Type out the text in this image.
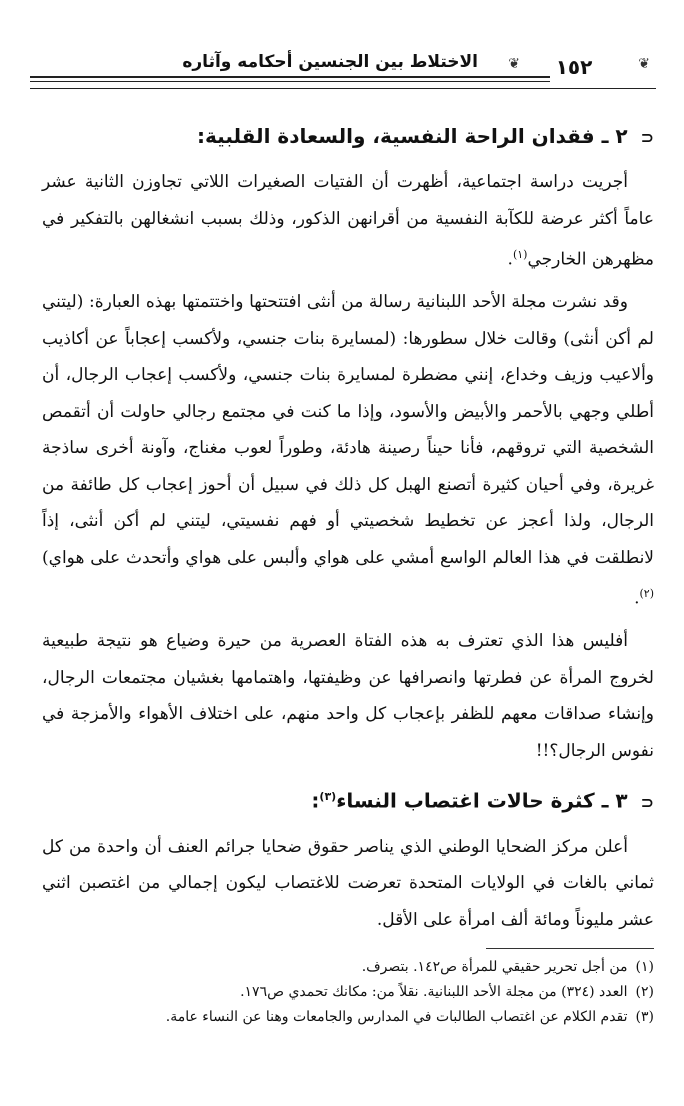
❦
١٥٢
❦
الاختلاط بين الجنسين أحكامه وآثاره
⊂ ٢ ـ فقدان الراحة النفسية، والسعادة القلبية:

أجريت دراسة اجتماعية، أظهرت أن الفتيات الصغيرات اللاتي تجاوزن الثانية عشر عاماً أكثر عرضة للكآبة النفسية من أقرانهن الذكور، وذلك بسبب انشغالهن بالتفكير في مظهرهن الخارجي$^{(١)}$.

وقد نشرت مجلة الأحد اللبنانية رسالة من أنثى افتتحتها واختتمتها بهذه العبارة: (ليتني لم أكن أنثى) وقالت خلال سطورها: (لمسايرة بنات جنسي، ولأكسب إعجاباً عن أكاذيب وألاعيب وزيف وخداع، إنني مضطرة لمسايرة بنات جنسي، ولأكسب إعجاب الرجال، أن أطلي وجهي بالأحمر والأبيض والأسود، وإذا ما كنت في مجتمع رجالي حاولت أن أتقمص الشخصية التي تروقهم، فأنا حيناً رصينة هادئة، وطوراً لعوب مغناج، وآونة أخرى ساذجة غريرة، وفي أحيان كثيرة أتصنع الهبل كل ذلك في سبيل أن أحوز إعجاب كل طائفة من الرجال، ولذا أعجز عن تخطيط شخصيتي أو فهم نفسيتي، ليتني لم أكن أنثى، إذاً لانطلقت في هذا العالم الواسع أمشي على هواي وألبس على هواي وأتحدث على هواي)$^{(٢)}$.

أفليس هذا الذي تعترف به هذه الفتاة العصرية من حيرة وضياع هو نتيجة طبيعية لخروج المرأة عن فطرتها وانصرافها عن وظيفتها، واهتمامها بغشيان مجتمعات الرجال، وإنشاء صداقات معهم للظفر بإعجاب كل واحد منهم، على اختلاف الأهواء والأمزجة في نفوس الرجال؟!!

⊂ ٣ ـ كثرة حالات اغتصاب النساء$^{(٣)}$:

أعلن مركز الضحايا الوطني الذي يناصر حقوق ضحايا جرائم العنف أن واحدة من كل ثماني بالغات في الولايات المتحدة تعرضت للاغتصاب ليكون إجمالي من اغتصبن اثني عشر مليوناً ومائة ألف امرأة على الأقل.

(١)من أجل تحرير حقيقي للمرأة ص١٤٢. بتصرف.
(٢)العدد (٣٢٤) من مجلة الأحد اللبنانية. نقلاً من: مكانك تحمدي ص١٧٦.
(٣)تقدم الكلام عن اغتصاب الطالبات في المدارس والجامعات وهنا عن النساء عامة.
